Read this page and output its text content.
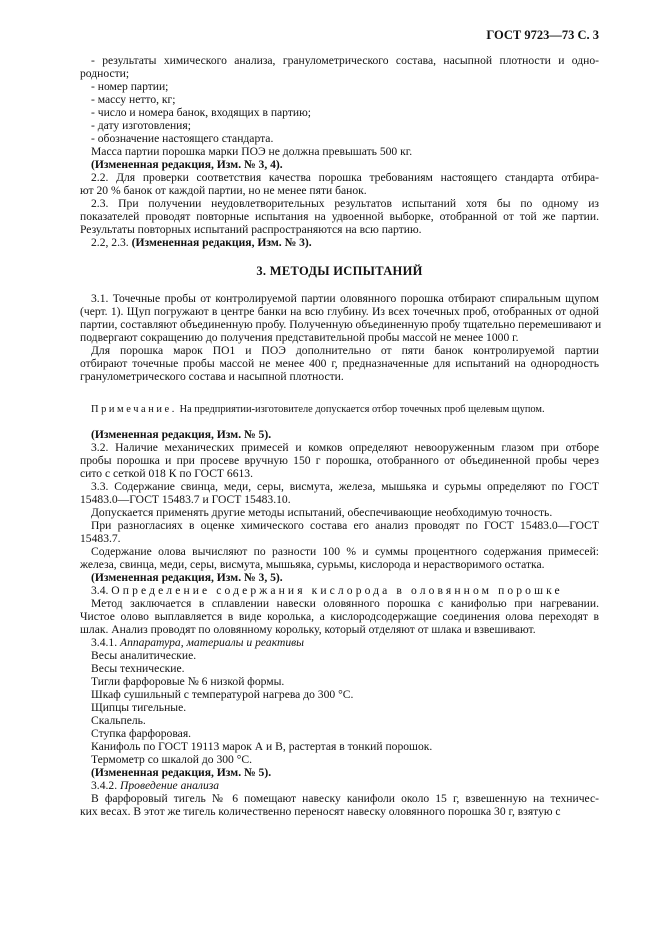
ГОСТ 9723—73 С. 3
- результаты химического анализа, гранулометрического состава, насыпной плотности и одно-
родности;
- номер партии;
- массу нетто, кг;
- число и номера банок, входящих в партию;
- дату изготовления;
- обозначение настоящего стандарта.
Масса партии порошка марки ПОЭ не должна превышать 500 кг.
(Измененная редакция, Изм. № 3, 4).
2.2. Для проверки соответствия качества порошка требованиям настоящего стандарта отбира-
ют 20 % банок от каждой партии, но не менее пяти банок.
2.3. При получении неудовлетворительных результатов испытаний хотя бы по одному из
показателей проводят повторные испытания на удвоенной выборке, отобранной от той же партии.
Результаты повторных испытаний распространяются на всю партию.
2.2, 2.3. (Измененная редакция, Изм. № 3).
3. МЕТОДЫ ИСПЫТАНИЙ
3.1. Точечные пробы от контролируемой партии оловянного порошка отбирают спиральным щупом
(черт. 1). Щуп погружают в центре банки на всю глубину. Из всех точечных проб, отобранных от одной
партии, составляют объединенную пробу. Полученную объединенную пробу тщательно перемешивают и
подвергают сокращению до получения представительной пробы массой не менее 1000 г.
Для порошка марок ПО1 и ПОЭ дополнительно от пяти банок контролируемой партии
отбирают точечные пробы массой не менее 400 г, предназначенные для испытаний на однородность
гранулометрического состава и насыпной плотности.
Примечание. На предприятии-изготовителе допускается отбор точечных проб щелевым щупом.
(Измененная редакция, Изм. № 5).
3.2. Наличие механических примесей и комков определяют невооруженным глазом при отборе
пробы порошка и при просеве вручную 150 г порошка, отобранного от объединенной пробы через
сито с сеткой 018 К по ГОСТ 6613.
3.3. Содержание свинца, меди, серы, висмута, железа, мышьяка и сурьмы определяют по ГОСТ
15483.0—ГОСТ 15483.7 и ГОСТ 15483.10.
Допускается применять другие методы испытаний, обеспечивающие необходимую точность.
При разногласиях в оценке химического состава его анализ проводят по ГОСТ 15483.0—ГОСТ
15483.7.
Содержание олова вычисляют по разности 100 % и суммы процентного содержания примесей:
железа, свинца, меди, серы, висмута, мышьяка, сурьмы, кислорода и нерастворимого остатка.
(Измененная редакция, Изм. № 3, 5).
3.4. Определение содержания кислорода в оловянном порошке
Метод заключается в сплавлении навески оловянного порошка с канифолью при нагревании.
Чистое олово выплавляется в виде королька, а кислородсодержащие соединения олова переходят в
шлак. Анализ проводят по оловянному корольку, который отделяют от шлака и взвешивают.
3.4.1. Аппаратура, материалы и реактивы
Весы аналитические.
Весы технические.
Тигли фарфоровые № 6 низкой формы.
Шкаф сушильный с температурой нагрева до 300 °С.
Щипцы тигельные.
Скальпель.
Ступка фарфоровая.
Канифоль по ГОСТ 19113 марок А и В, растертая в тонкий порошок.
Термометр со шкалой до 300 °С.
(Измененная редакция, Изм. № 5).
3.4.2. Проведение анализа
В фарфоровый тигель № 6 помещают навеску канифоли около 15 г, взвешенную на техничес-
ких весах. В этот же тигель количественно переносят навеску оловянного порошка 30 г, взятую с
